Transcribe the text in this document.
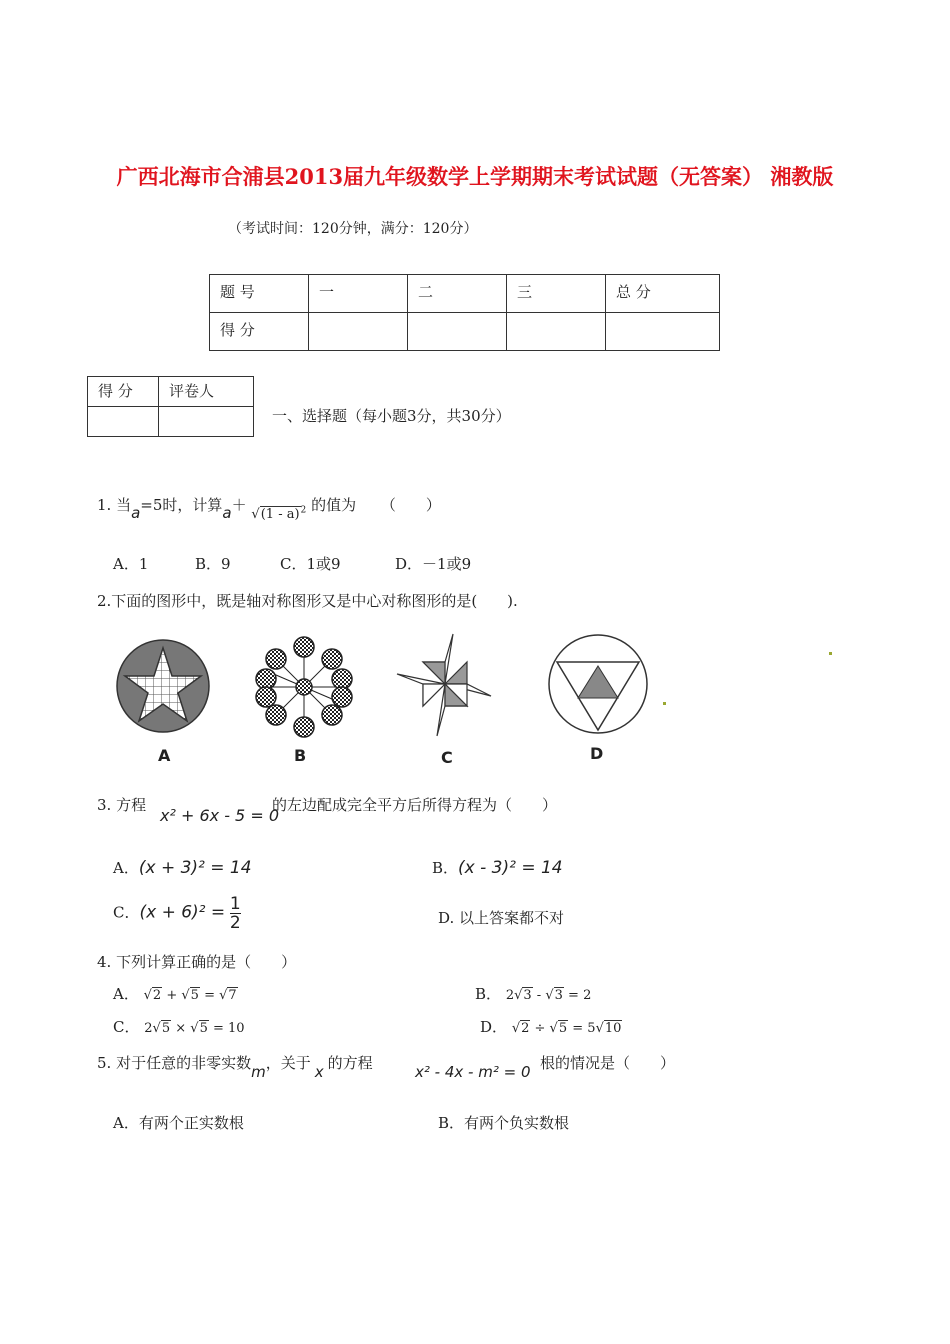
广西北海市合浦县2013届九年级数学上学期期末考试试题（无答案） 湘教版
（考试时间：120分钟，满分：120分）
题 号	一	二	三	总 分
得 分				
得 分	评卷人

一、选择题（每小题3分，共30分）
1. 当a=5时，计算a＋ √(1 - a)$^2$ 的值为 （　　）
A．1	B．9	C．1或9	D．－1或9
2.下面的图形中，既是轴对称图形又是中心对称图形的是(　　).
A	B	C	D
3. 方程
x² + 6x - 5 = 0
的左边配成完全平方后所得方程为（　　）
A．(x + 3)² = 14	B．(x - 3)² = 14
C．$(x + 6)^2 = \frac{1}{2}$	D. 以上答案都不对
4. 下列计算正确的是（　　）
A． √2 + √5 = √7	B． 2√3 - √3 = 2
C． 2√5 × √5 = 10	D． √2 ÷ √5 = 5√10
5. 对于任意的非零实数m，关于 x 的方程	x² - 4x - m² = 0 根的情况是（　　）
A．有两个正实数根	B．有两个负实数根
